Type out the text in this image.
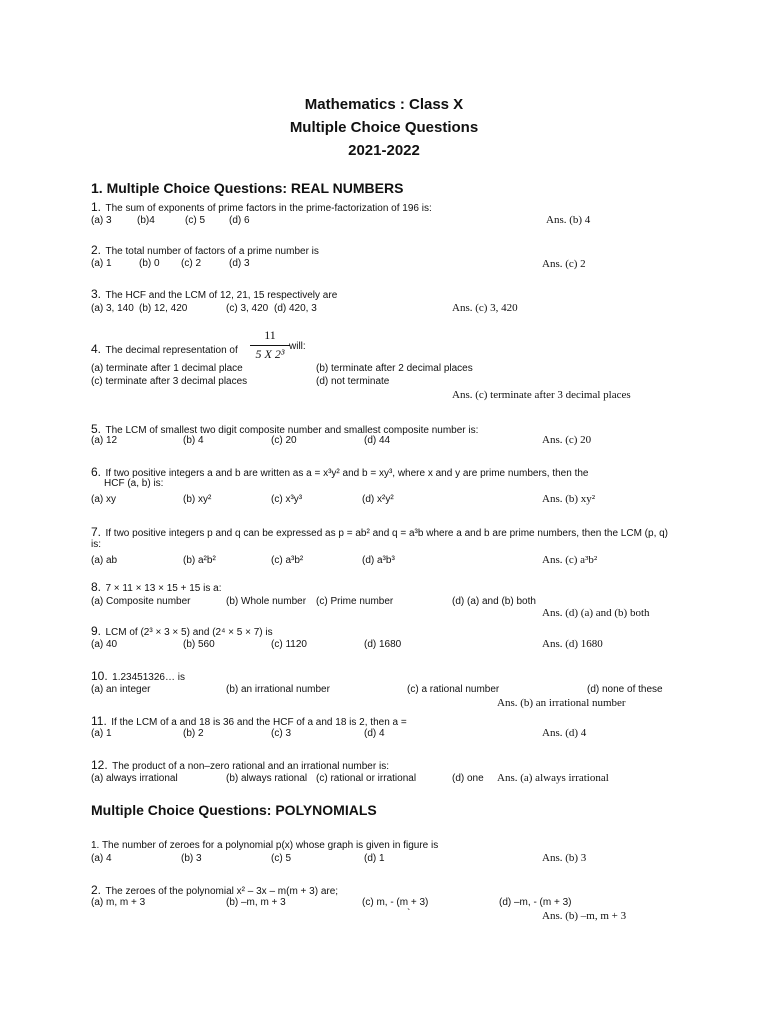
Mathematics : Class X
Multiple Choice Questions
2021-2022
1. Multiple Choice Questions: REAL NUMBERS
1. The sum of exponents of prime factors in the prime-factorization of 196 is:
(a) 3	(b)4	(c) 5 (d) 6	Ans. (b) 4
2. The total number of factors of a prime number is
(a) 1	(b) 0 (c) 2	(d) 3	Ans. (c) 2
3. The HCF and the LCM of 12, 21, 15 respectively are
(a) 3, 140 (b) 12, 420	(c) 3, 420 (d) 420, 3	Ans. (c) 3, 420
4. The decimal representation of
11
5 X 2³
will:
(a) terminate after 1 decimal place	(b) terminate after 2 decimal places
(c) terminate after 3 decimal places	(d) not terminate
Ans. (c) terminate after 3 decimal places
5. The LCM of smallest two digit composite number and smallest composite number is:
(a) 12	(b) 4	(c) 20	(d) 44	Ans. (c) 20
6. If two positive integers a and b are written as a = x³y² and b = xy³, where x and y are prime numbers, then the
HCF (a, b) is:
(a) xy	(b) xy²	(c) x³y³	(d) x²y²	Ans. (b) xy²
7. If two positive integers p and q can be expressed as p = ab² and q = a³b where a and b are prime numbers, then the LCM (p, q)
is:
(a) ab	(b) a²b²	(c) a³b²	(d) a³b³	Ans. (c) a³b²
8. 7 × 11 × 13 × 15 + 15 is a:
(a) Composite number	(b) Whole number (c) Prime number	(d) (a) and (b) both
Ans. (d) (a) and (b) both
9. LCM of (2³ × 3 × 5) and (2⁴ × 5 × 7) is
(a) 40	(b) 560	(c) 1120	(d) 1680	Ans. (d) 1680
10. 1.23451326… is
(a) an integer	(b) an irrational number	(c) a rational number	(d) none of these
Ans. (b) an irrational number
11. If the LCM of a and 18 is 36 and the HCF of a and 18 is 2, then a =
(a) 1	(b) 2	(c) 3	(d) 4	Ans. (d) 4
12. The product of a non–zero rational and an irrational number is:
(a) always irrational	(b) always rational (c) rational or irrational	(d) one Ans. (a) always irrational
Multiple Choice Questions: POLYNOMIALS
1. The number of zeroes for a polynomial p(x) whose graph is given in figure is
(a) 4	(b) 3	(c) 5	(d) 1	Ans. (b) 3
2. The zeroes of the polynomial x² – 3x – m(m + 3) are;
(a) m, m + 3	(b) –m, m + 3	(c) m, - (m + 3)	(d) –m, - (m + 3)
`	Ans. (b) –m, m + 3
